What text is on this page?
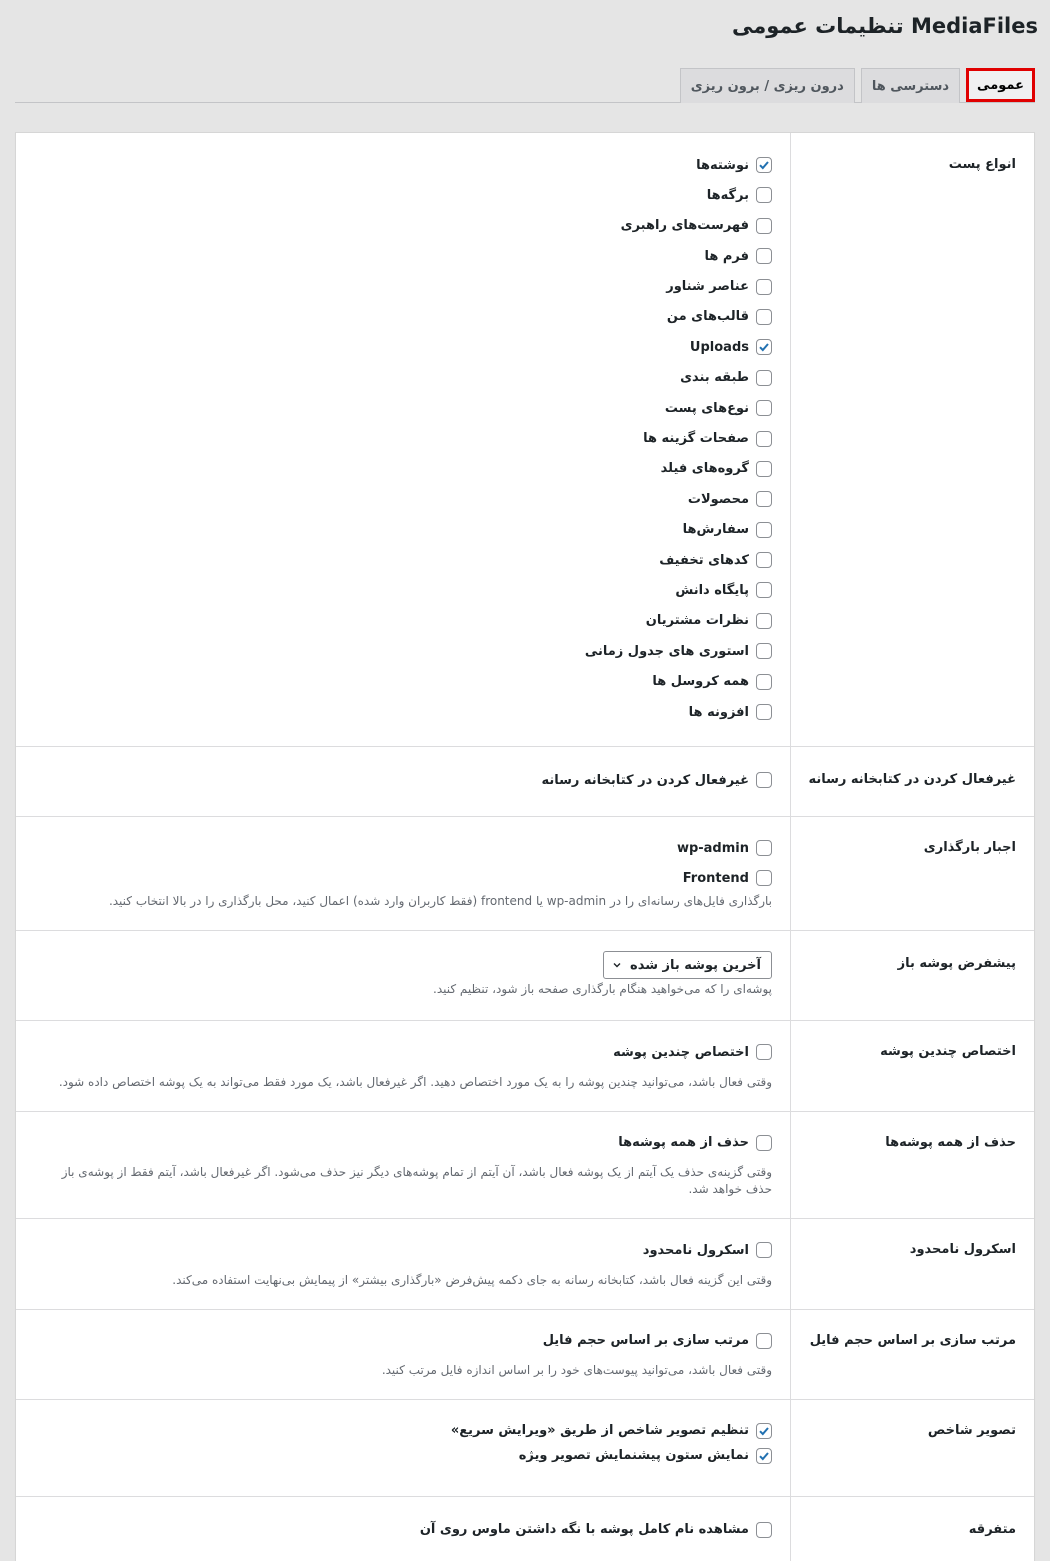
MediaFiles تنظیمات عمومی
عمومی
دسترسی ها
درون ریزی / برون ریزی
انواع پست
نوشته‌ها
برگه‌ها
فهرست‌های راهبری
فرم ها
عناصر شناور
قالب‌های من
Uploads
طبقه بندی
نوع‌های پست
صفحات گزینه ها
گروه‌های فیلد
محصولات
سفارش‌ها
کدهای تخفیف
پایگاه دانش
نظرات مشتریان
استوری های جدول زمانی
همه کروسل ها
افزونه ها
غیرفعال کردن در کتابخانه رسانه
غیرفعال کردن در کتابخانه رسانه
اجبار بارگذاری
wp-admin
Frontend

بارگذاری فایل‌های رسانه‌ای را در wp-admin یا frontend (فقط کاربران وارد شده) اعمال کنید، محل بارگذاری را در بالا انتخاب کنید.

پیشفرض پوشه باز
آخرین پوشه باز شده

پوشه‌ای را که می‌خواهید هنگام بارگذاری صفحه باز شود، تنظیم کنید.

اختصاص چندین پوشه
اختصاص چندین پوشه

وقتی فعال باشد، می‌توانید چندین پوشه را به یک مورد اختصاص دهید. اگر غیرفعال باشد، یک مورد فقط می‌تواند به یک پوشه اختصاص داده شود.

حذف از همه پوشه‌ها
حذف از همه پوشه‌ها

وقتی گزینه‌ی حذف یک آیتم از یک پوشه فعال باشد، آن آیتم از تمام پوشه‌های دیگر نیز حذف می‌شود. اگر غیرفعال باشد، آیتم فقط از پوشه‌ی باز حذف خواهد شد.

اسکرول نامحدود
اسکرول نامحدود

وقتی این گزینه فعال باشد، کتابخانه رسانه به جای دکمه پیش‌فرض «بارگذاری بیشتر» از پیمایش بی‌نهایت استفاده می‌کند.

مرتب سازی بر اساس حجم فایل
مرتب سازی بر اساس حجم فایل

وقتی فعال باشد، می‌توانید پیوست‌های خود را بر اساس اندازه فایل مرتب کنید.

تصویر شاخص
تنظیم تصویر شاخص از طریق «ویرایش سریع»
نمایش ستون پیشنمایش تصویر ویژه
متفرقه
مشاهده نام کامل پوشه با نگه داشتن ماوس روی آن
